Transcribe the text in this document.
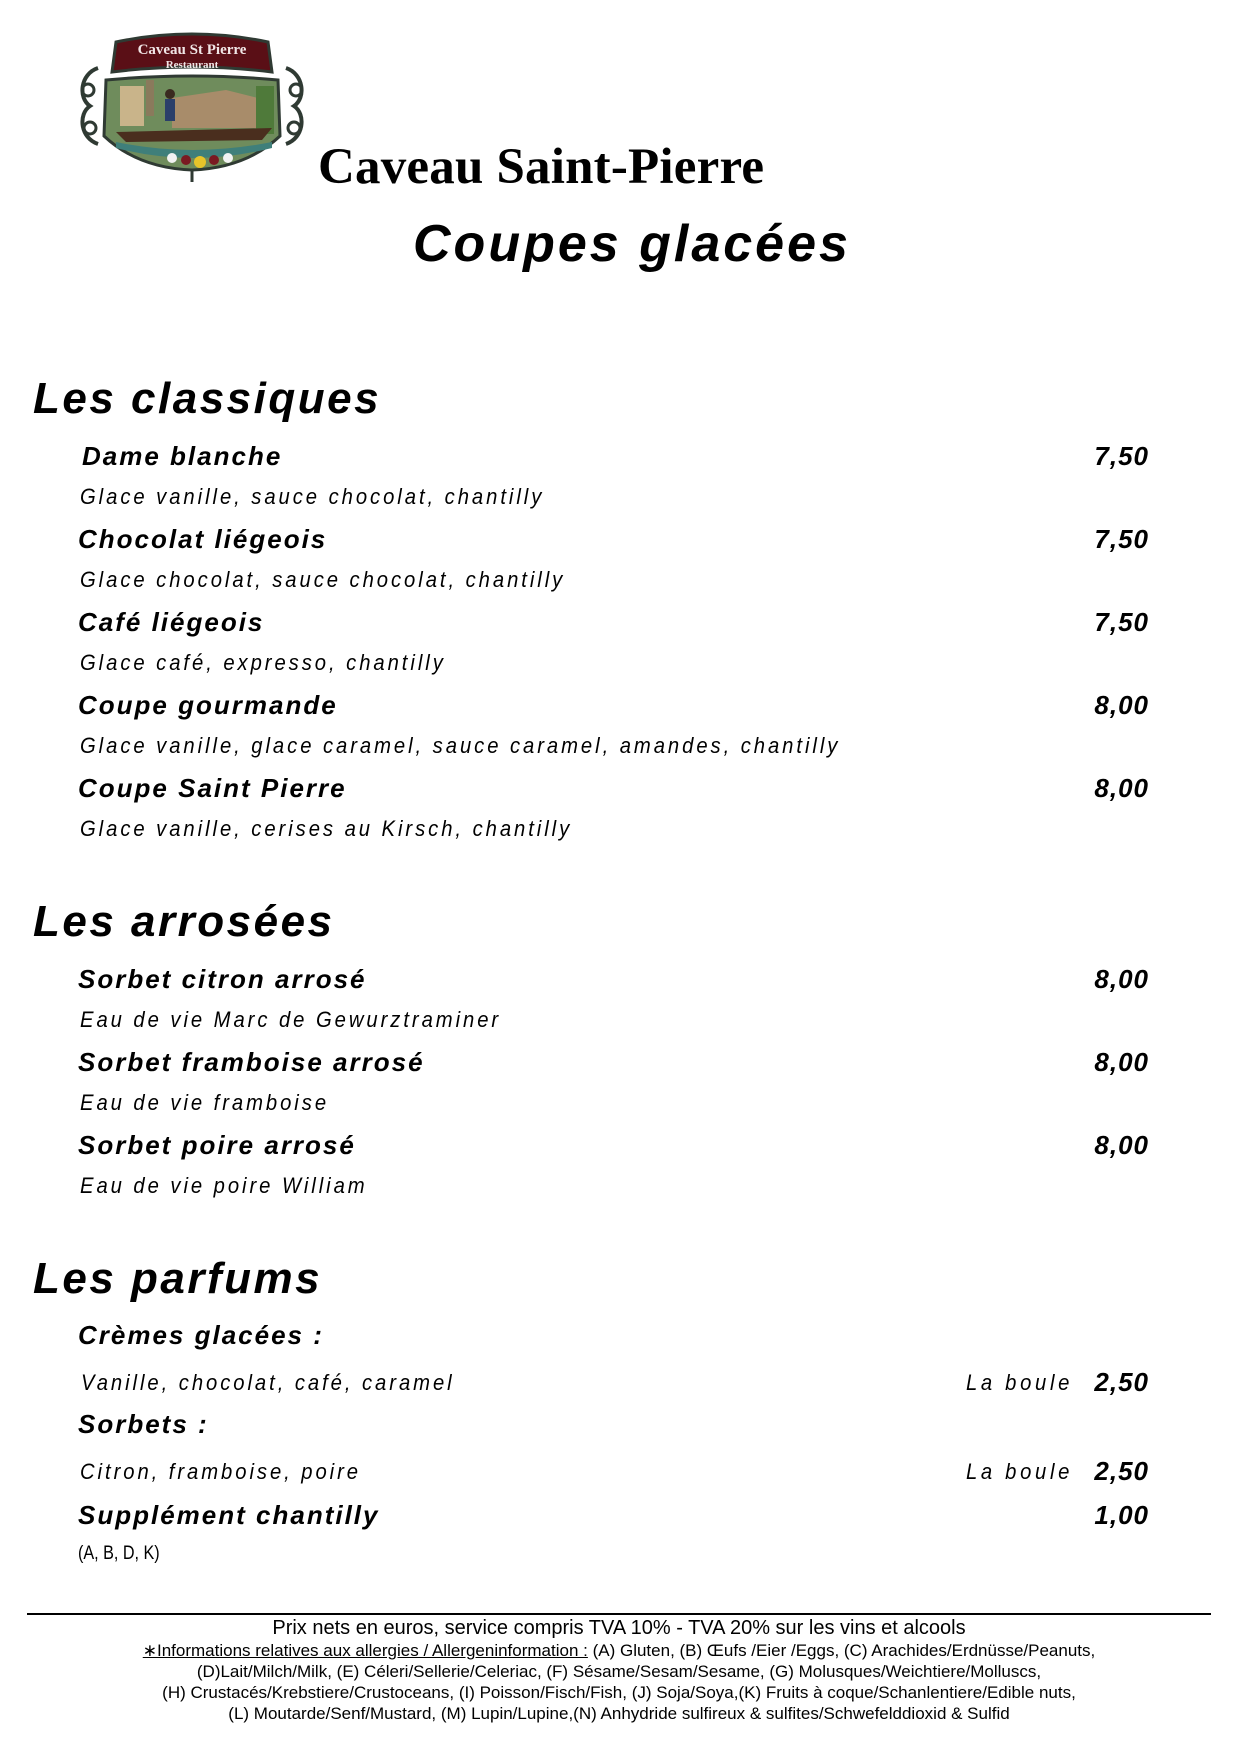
Caveau St Pierre
Restaurant
Caveau Saint-Pierre
Coupes glacées
Les classiques
Dame blanche	7,50
Glace vanille, sauce chocolat, chantilly
Chocolat liégeois	7,50
Glace chocolat, sauce chocolat, chantilly
Café liégeois	7,50
Glace café, expresso, chantilly
Coupe gourmande	8,00
Glace vanille, glace caramel, sauce caramel, amandes, chantilly
Coupe Saint Pierre	8,00
Glace vanille, cerises au Kirsch, chantilly
Les arrosées
Sorbet citron arrosé	8,00
Eau de vie Marc de Gewurztraminer
Sorbet framboise arrosé	8,00
Eau de vie framboise
Sorbet poire arrosé	8,00
Eau de vie poire William
Les parfums
Crèmes glacées :
Vanille, chocolat, café, caramel	La boule 2,50
Sorbets :
Citron, framboise, poire	La boule 2,50
Supplément chantilly	1,00
(A, B, D, K)
Prix nets en euros, service compris TVA 10% - TVA 20% sur les vins et alcools
∗Informations relatives aux allergies / Allergeninformation : (A) Gluten, (B) Œufs /Eier /Eggs, (C) Arachides/Erdnüsse/Peanuts,
(D)Lait/Milch/Milk, (E) Céleri/Sellerie/Celeriac, (F) Sésame/Sesam/Sesame, (G) Molusques/Weichtiere/Molluscs,
(H) Crustacés/Krebstiere/Crustoceans, (I) Poisson/Fisch/Fish, (J) Soja/Soya,(K) Fruits à coque/Schanlentiere/Edible nuts,
(L) Moutarde/Senf/Mustard, (M) Lupin/Lupine,(N) Anhydride sulfireux & sulfites/Schwefelddioxid & Sulfid
